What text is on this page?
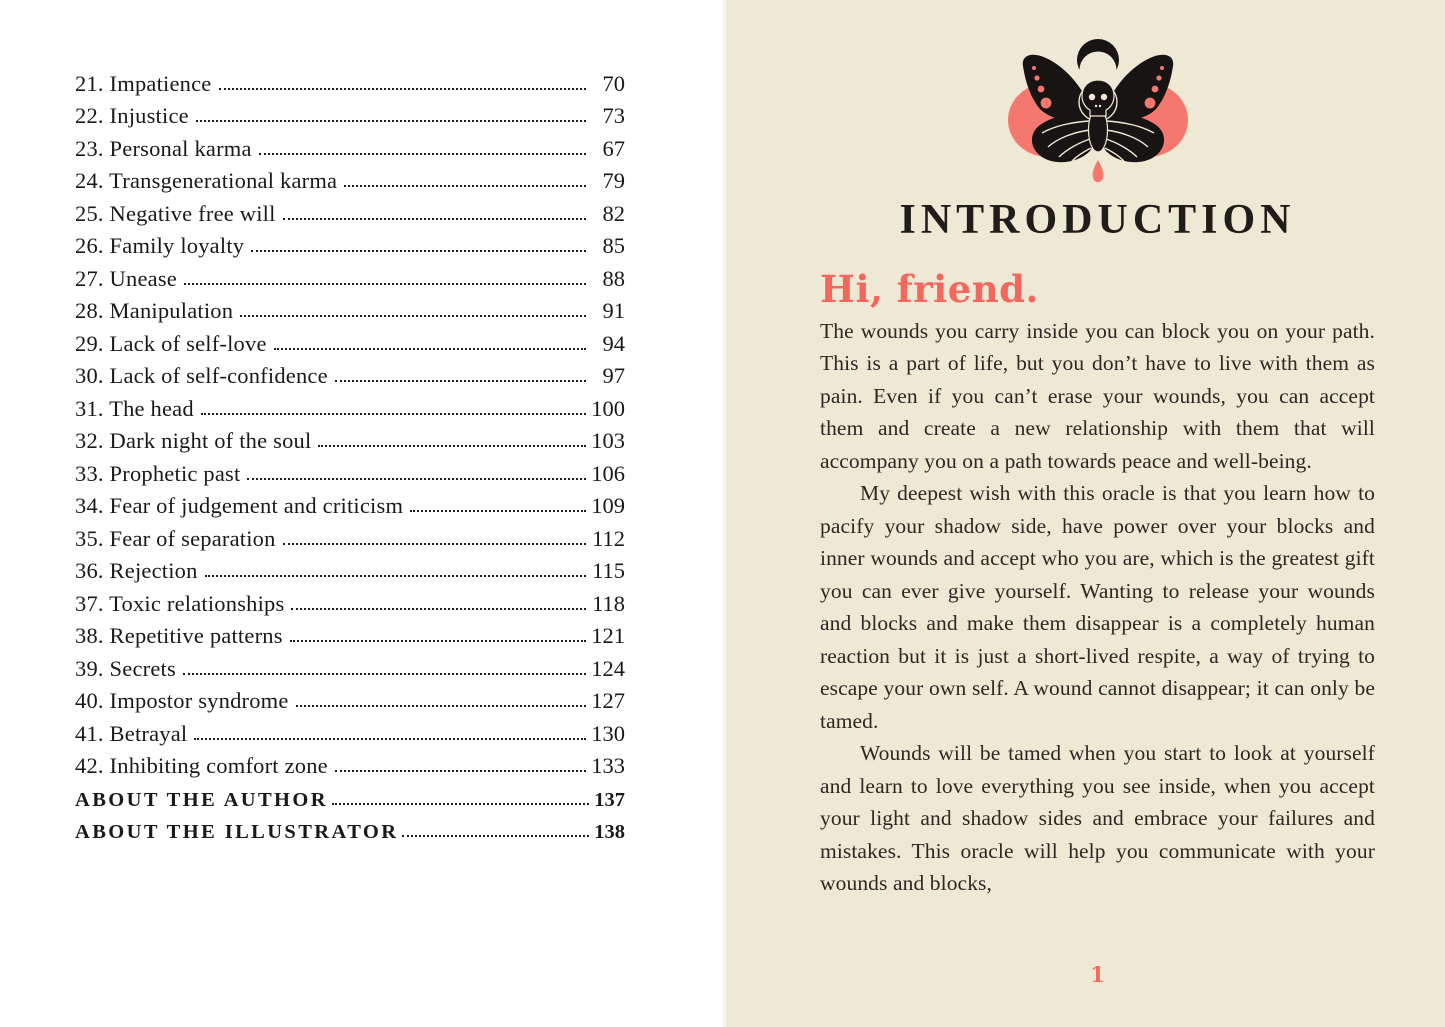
21. Impatience	70
22. Injustice	73
23. Personal karma	67
24. Transgenerational karma	79
25. Negative free will	82
26. Family loyalty	85
27. Unease	88
28. Manipulation	91
29. Lack of self-love	94
30. Lack of self-confidence	97
31. The head	100
32. Dark night of the soul	103
33. Prophetic past	106
34. Fear of judgement and criticism	109
35. Fear of separation	112
36. Rejection	115
37. Toxic relationships	118
38. Repetitive patterns	121
39. Secrets	124
40. Impostor syndrome	127
41. Betrayal	130
42. Inhibiting comfort zone	133
ABOUT THE AUTHOR	137
ABOUT THE ILLUSTRATOR	138
INTRODUCTION
Hi, friend.

The wounds you carry inside you can block you on your path. This is a part of life, but you don’t have to live with them as pain. Even if you can’t erase your wounds, you can accept them and create a new relationship with them that will accompany you on a path towards peace and well-being.

My deepest wish with this oracle is that you learn how to pacify your shadow side, have power over your blocks and inner wounds and accept who you are, which is the greatest gift you can ever give yourself. Wanting to release your wounds and blocks and make them disappear is a completely human reaction but it is just a short-lived respite, a way of trying to escape your own self. A wound cannot disappear; it can only be tamed.

Wounds will be tamed when you start to look at yourself and learn to love everything you see inside, when you accept your light and shadow sides and embrace your failures and mistakes. This oracle will help you communicate with your wounds and blocks,

1
